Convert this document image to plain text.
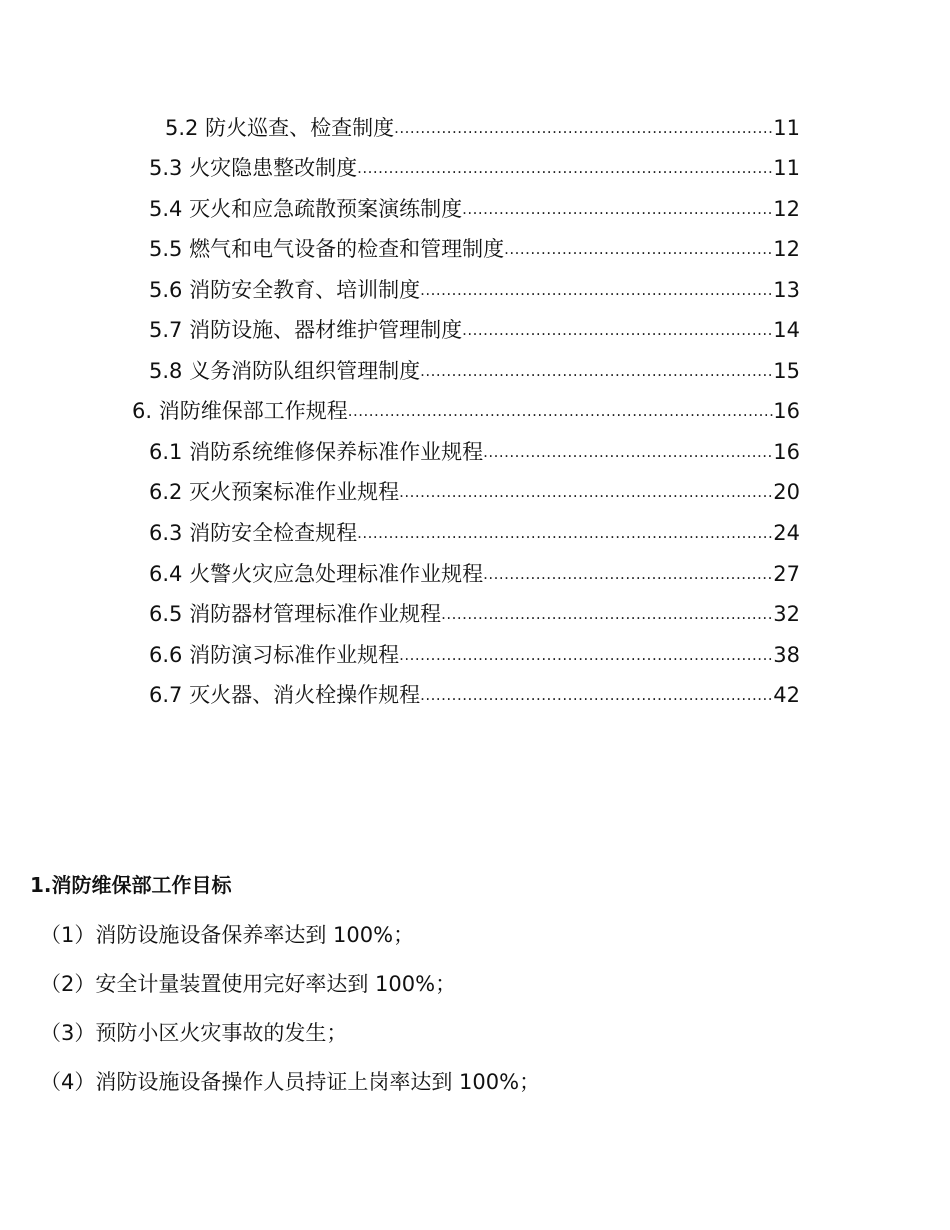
5.2 防火巡查、检查制度 .....	11
5.3 火灾隐患整改制度 .....	11
5.4 灭火和应急疏散预案演练制度 .....	12
5.5 燃气和电气设备的检查和管理制度 .....	12
5.6 消防安全教育、培训制度 .....	13
5.7 消防设施、器材维护管理制度 .....	14
5.8 义务消防队组织管理制度 .....	15
6. 消防维保部工作规程 .....	16
6.1 消防系统维修保养标准作业规程 .....	16
6.2 灭火预案标准作业规程 .....	20
6.3 消防安全检查规程 .....	24
6.4 火警火灾应急处理标准作业规程 .....	27
6.5 消防器材管理标准作业规程 .....	32
6.6 消防演习标准作业规程 .....	38
6.7 灭火器、消火栓操作规程 .....	42
1.消防维保部工作目标
（1）消防设施设备保养率达到 100%；
（2）安全计量装置使用完好率达到 100%；
（3）预防小区火灾事故的发生；
（4）消防设施设备操作人员持证上岗率达到 100%；
